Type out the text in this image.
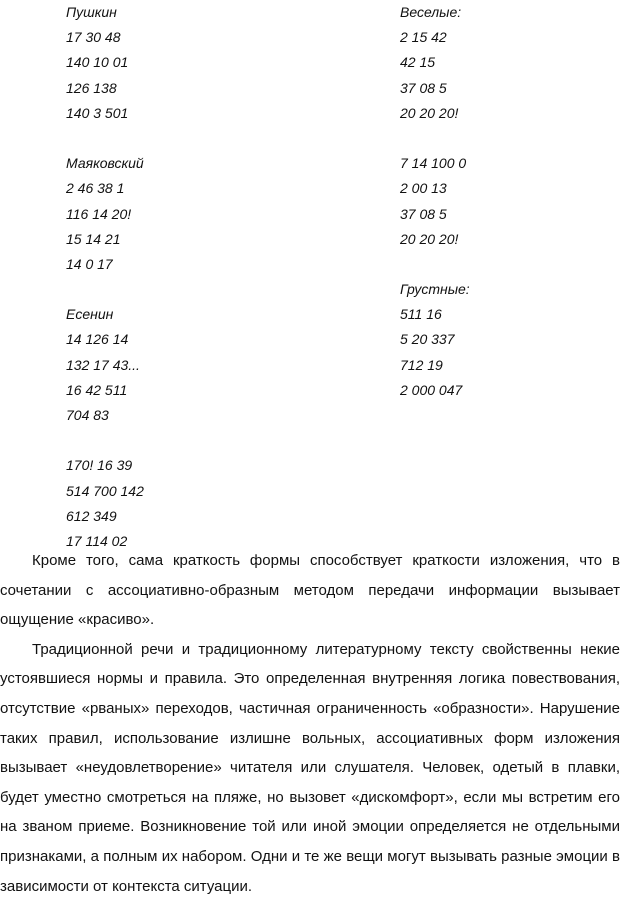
Пушкин
17 30 48
140 10 01
126 138
140 3 501
Маяковский
2 46 38 1
116 14 20!
15 14 21
14 0 17
Есенин
14 126 14
132 17 43...
16 42 511
704 83
170! 16 39
514 700 142
612 349
17 114 02
Веселые:
2 15 42
42 15
37 08 5
20 20 20!
7 14 100 0
2 00 13
37 08 5
20 20 20!
Грустные:
511 16
5 20 337
712 19
2 000 047

Кроме того, сама краткость формы способствует краткости изложения, что в сочетании с ассоциативно-образным методом передачи информации вызывает ощущение «красиво».

Традиционной речи и традиционному литературному тексту свойственны некие устоявшиеся нормы и правила. Это определенная внутренняя логика повествования, отсутствие «рваных» переходов, частичная ограниченность «образности». Нарушение таких правил, использование излишне вольных, ассоциативных форм изложения вызывает «неудовлетворение» читателя или слушателя. Человек, одетый в плавки, будет уместно смотреться на пляже, но вызовет «дискомфорт», если мы встретим его на званом приеме. Возникновение той или иной эмоции определяется не отдельными признаками, а полным их набором. Одни и те же вещи могут вызывать разные эмоции в зависимости от контекста ситуации.
